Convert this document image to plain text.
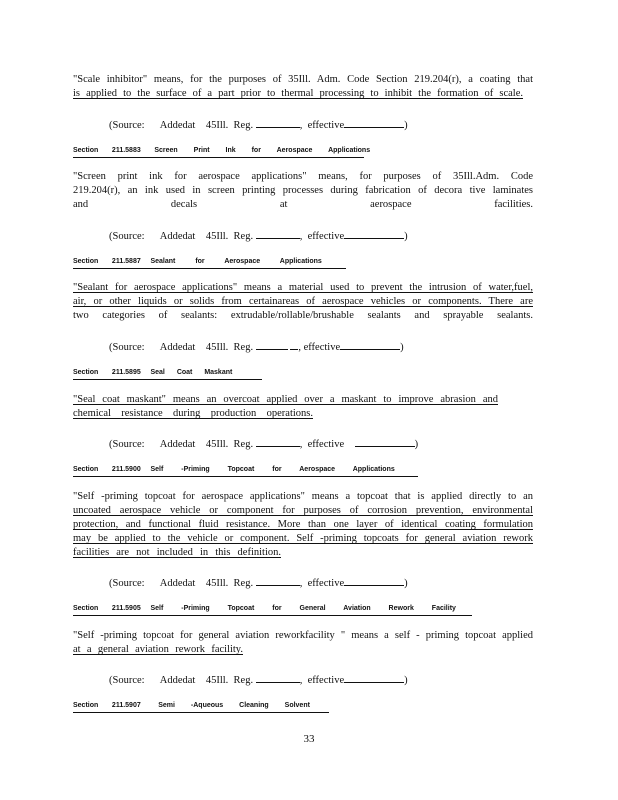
"Scale inhibitor" means, for the purposes of 35Ill. Adm. Code Section 219.204(r), a coating that
is applied to the surface of a part prior to thermal processing to inhibit the formation of scale.
(Source: Addedat 45Ill. Reg.	,  effective	)
Section 211.5883 Screen Print Ink for Aerospace Applications
"Screen print ink for aerospace applications" means, for purposes of 35Ill.Adm. Code
219.204(r), an ink used in screen printing processes during fabrication of decora tive laminates
and decals at aerospace facilities.
(Source: Addedat 45Ill. Reg.	,  effective	)
Section 211.5887 Sealant for Aerospace Applications
"Sealant for aerospace applications" means a material used to prevent the intrusion of water,fuel,
air, or other liquids or solids from certainareas of aerospace vehicles or components. There are
two categories of sealants: extrudable/rollable/brushable sealants and sprayable sealants.
(Source: Addedat 45Ill. Reg.	, effective	)
Section 211.5895 Seal Coat Maskant
"Seal coat maskant" means an overcoat applied over a maskant to improve abrasion and
chemical resistance during production operations.
(Source: Addedat 45Ill. Reg.	,  effective	)
Section 211.5900 Self -Priming Topcoat for Aerospace Applications
"Self -priming topcoat for aerospace applications" means a topcoat that is applied directly to an
uncoated aerospace vehicle or component for purposes of corrosion prevention, environmental
protection, and functional fluid resistance. More than one layer of identical coating formulation
may be applied to the vehicle or component. Self -priming topcoats for general aviation rework
facilities are not included in this definition.
(Source: Addedat 45Ill. Reg.	,  effective	)
Section 211.5905 Self -Priming Topcoat for General Aviation Rework Facility
"Self -priming topcoat for general aviation reworkfacility " means a self - priming topcoat applied
at a general aviation rework facility.
(Source: Addedat 45Ill. Reg.	,  effective	)
Section 211.5907	Semi -Aqueous Cleaning Solvent
33
